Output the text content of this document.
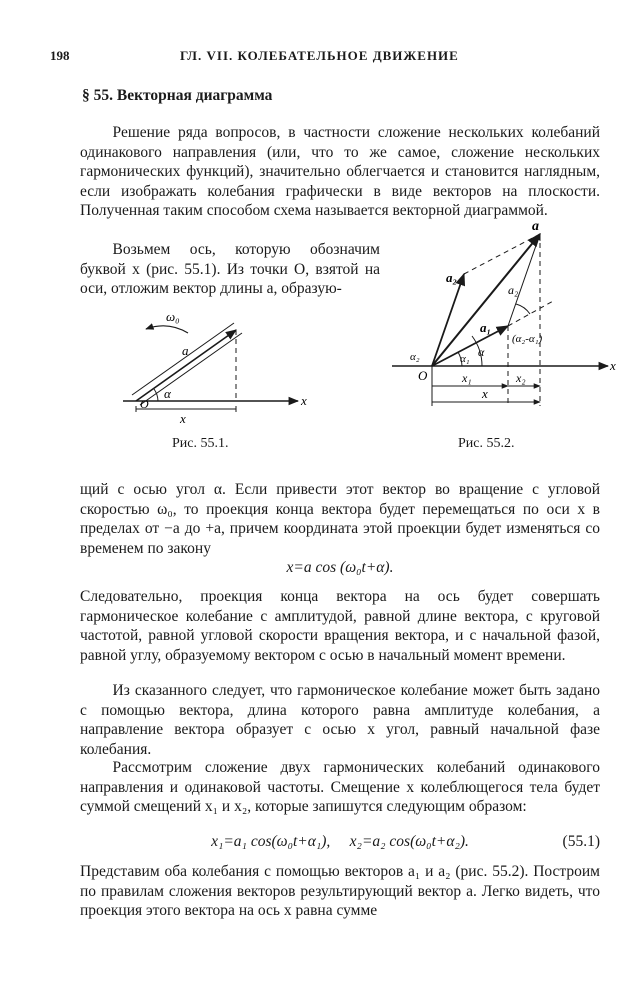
198	ГЛ. VII. КОЛЕБАТЕЛЬНОЕ ДВИЖЕНИЕ
§ 55. Векторная диаграмма

Решение ряда вопросов, в частности сложение нескольких колебаний одинакового направления (или, что то же самое, сложение нескольких гармонических функций), значительно облегчается и становится наглядным, если изображать колебания графически в виде векторов на плоскости. Полученная таким способом схема называется векторной диаграммой.

Возьмем ось, которую обозначим буквой x (рис. 55.1). Из точки O, взятой на оси, отложим вектор длины a, образую-

ω₀
a
α
O	x
x
Рис. 55.1.
a
a₂
a₂
a₁
(α₂-α₁)
α
α₁
α₂
O
x
x₁	x₂
x
Рис. 55.2.

щий с осью угол α. Если привести этот вектор во вращение с угловой скоростью ω₀, то проекция конца вектора будет перемещаться по оси x в пределах от −a до +a, причем координата этой проекции будет изменяться со временем по закону

x=a cos (ω₀t+α).

Следовательно, проекция конца вектора на ось будет совершать гармоническое колебание с амплитудой, равной длине вектора, с круговой частотой, равной угловой скорости вращения вектора, и с начальной фазой, равной углу, образуемому вектором с осью в начальный момент времени.

Из сказанного следует, что гармоническое колебание может быть задано с помощью вектора, длина которого равна амплитуде колебания, а направление вектора образует с осью x угол, равный начальной фазе колебания.

Рассмотрим сложение двух гармонических колебаний одинакового направления и одинаковой частоты. Смещение x колеблющегося тела будет суммой смещений x₁ и x₂, которые запишутся следующим образом:

x₁=a₁ cos(ω₀t+α₁),     x₂=a₂ cos(ω₀t+α₂).	(55.1)

Представим оба колебания с помощью векторов a₁ и a₂ (рис. 55.2). Построим по правилам сложения векторов результирующий вектор a. Легко видеть, что проекция этого вектора на ось x равна сумме
